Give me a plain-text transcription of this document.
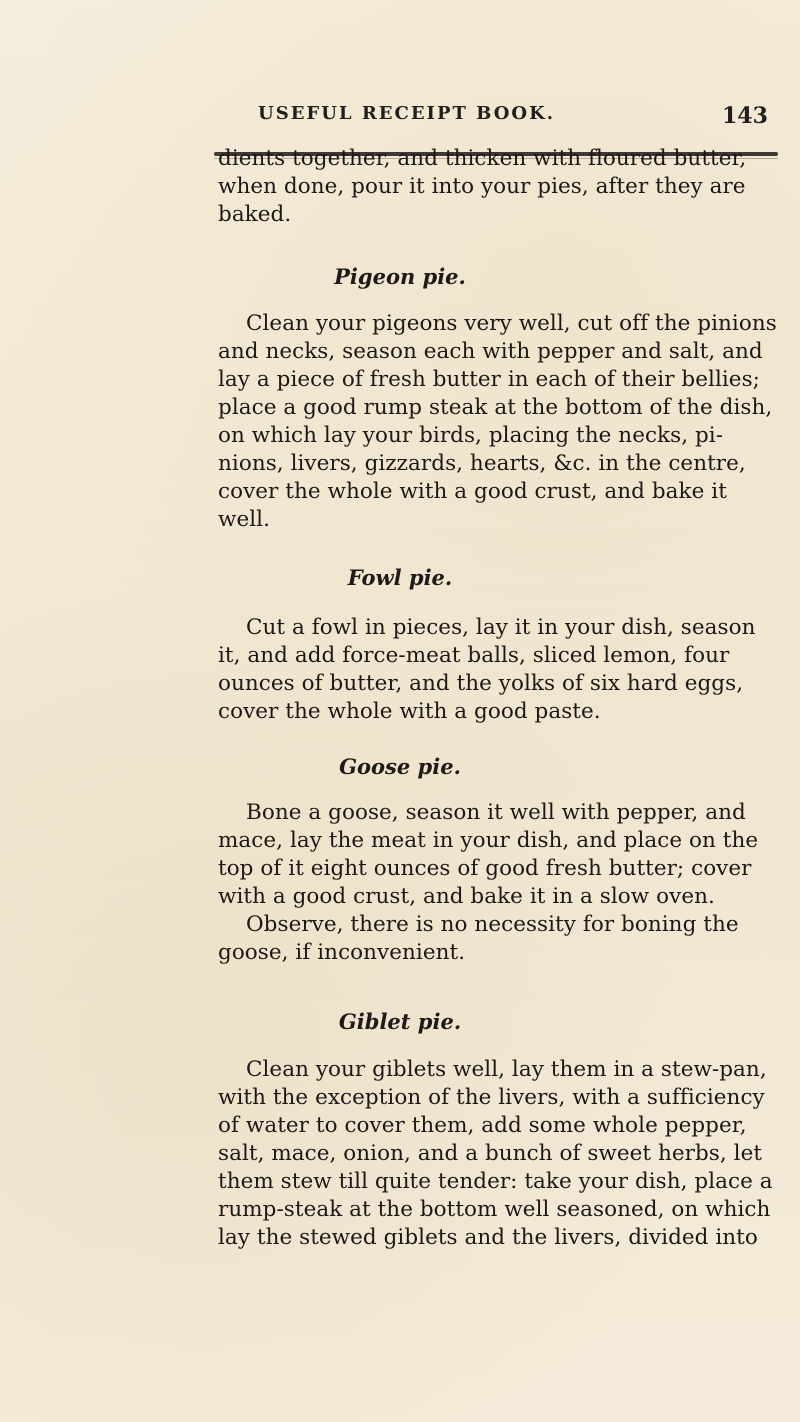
USEFUL RECEIPT BOOK.	143
dients together, and thicken with floured butter,
when done, pour it into your pies, after they are
baked.
Pigeon pie.
Clean your pigeons very well, cut off the pinions
and necks, season each with pepper and salt, and
lay a piece of fresh butter in each of their bellies;
place a good rump steak at the bottom of the dish,
on which lay your birds, placing the necks, pi-
nions, livers, gizzards, hearts, &c. in the centre,
cover the whole with a good crust, and bake it
well.
Fowl pie.
Cut a fowl in pieces, lay it in your dish, season
it, and add force-meat balls, sliced lemon, four
ounces of butter, and the yolks of six hard eggs,
cover the whole with a good paste.
Goose pie.
Bone a goose, season it well with pepper, and
mace, lay the meat in your dish, and place on the
top of it eight ounces of good fresh butter; cover
with a good crust, and bake it in a slow oven.
Observe, there is no necessity for boning the
goose, if inconvenient.
Giblet pie.
Clean your giblets well, lay them in a stew-pan,
with the exception of the livers, with a sufficiency
of water to cover them, add some whole pepper,
salt, mace, onion, and a bunch of sweet herbs, let
them stew till quite tender: take your dish, place a
rump-steak at the bottom well seasoned, on which
lay the stewed giblets and the livers, divided into
